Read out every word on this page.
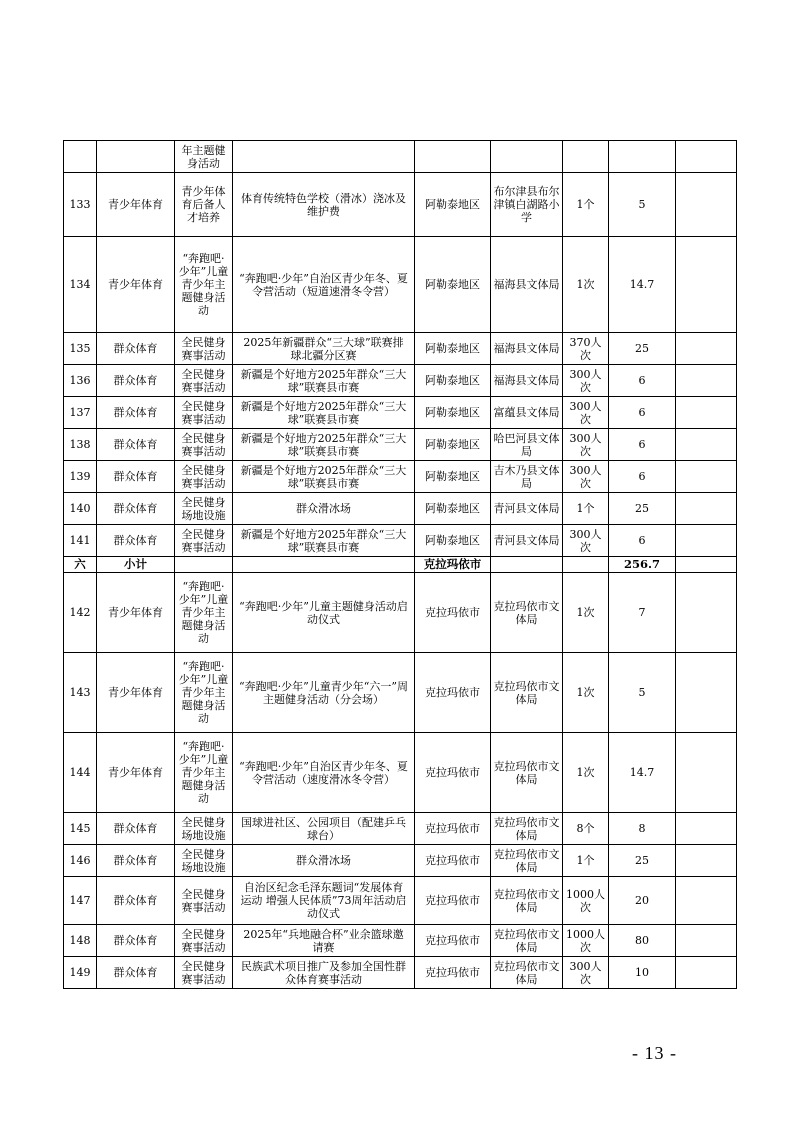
		年主题健身活动						
133	青少年体育	青少年体育后备人才培养	体育传统特色学校（滑冰）浇冰及维护费	阿勒泰地区	布尔津县布尔津镇白湖路小学	1个	5	
134	青少年体育	“奔跑吧·少年”儿童青少年主题健身活动	“奔跑吧·少年”自治区青少年冬、夏令营活动（短道速滑冬令营）	阿勒泰地区	福海县文体局	1次	14.7	
135	群众体育	全民健身赛事活动	2025年新疆群众“三大球”联赛排球北疆分区赛	阿勒泰地区	福海县文体局	370人次	25	
136	群众体育	全民健身赛事活动	新疆是个好地方2025年群众“三大球”联赛县市赛	阿勒泰地区	福海县文体局	300人次	6	
137	群众体育	全民健身赛事活动	新疆是个好地方2025年群众“三大球”联赛县市赛	阿勒泰地区	富蕴县文体局	300人次	6	
138	群众体育	全民健身赛事活动	新疆是个好地方2025年群众“三大球”联赛县市赛	阿勒泰地区	哈巴河县文体局	300人次	6	
139	群众体育	全民健身赛事活动	新疆是个好地方2025年群众“三大球”联赛县市赛	阿勒泰地区	吉木乃县文体局	300人次	6	
140	群众体育	全民健身场地设施	群众滑冰场	阿勒泰地区	青河县文体局	1个	25	
141	群众体育	全民健身赛事活动	新疆是个好地方2025年群众“三大球”联赛县市赛	阿勒泰地区	青河县文体局	300人次	6	
六	小计			克拉玛依市			256.7	
142	青少年体育	“奔跑吧·少年”儿童青少年主题健身活动	“奔跑吧·少年”儿童主题健身活动启动仪式	克拉玛依市	克拉玛依市文体局	1次	7	
143	青少年体育	“奔跑吧·少年”儿童青少年主题健身活动	“奔跑吧·少年”儿童青少年“六一”周主题健身活动（分会场）	克拉玛依市	克拉玛依市文体局	1次	5	
144	青少年体育	“奔跑吧·少年”儿童青少年主题健身活动	“奔跑吧·少年”自治区青少年冬、夏令营活动（速度滑冰冬令营）	克拉玛依市	克拉玛依市文体局	1次	14.7	
145	群众体育	全民健身场地设施	国球进社区、公园项目（配建乒乓球台）	克拉玛依市	克拉玛依市文体局	8个	8	
146	群众体育	全民健身场地设施	群众滑冰场	克拉玛依市	克拉玛依市文体局	1个	25	
147	群众体育	全民健身赛事活动	自治区纪念毛泽东题词“发展体育运动 增强人民体质”73周年活动启动仪式	克拉玛依市	克拉玛依市文体局	1000人次	20	
148	群众体育	全民健身赛事活动	2025年“兵地融合杯”业余篮球邀请赛	克拉玛依市	克拉玛依市文体局	1000人次	80	
149	群众体育	全民健身赛事活动	民族武术项目推广及参加全国性群众体育赛事活动	克拉玛依市	克拉玛依市文体局	300人次	10	
- 13 -
